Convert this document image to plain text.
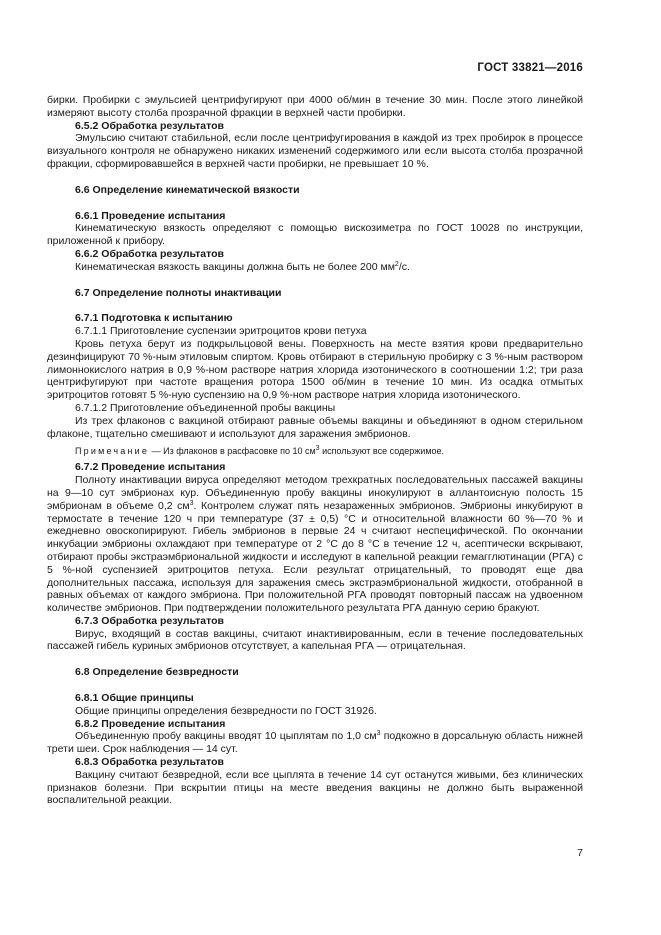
ГОСТ 33821—2016

бирки. Пробирки с эмульсией центрифугируют при 4000 об/мин в течение 30 мин. После этого линейкой измеряют высоту столба прозрачной фракции в верхней части пробирки.

6.5.2 Обработка результатов

Эмульсию считают стабильной, если после центрифугирования в каждой из трех пробирок в процессе визуального контроля не обнаружено никаких изменений содержимого или если высота столба прозрачной фракции, сформировавшейся в верхней части пробирки, не превышает 10 %.

6.6 Определение кинематической вязкости

6.6.1 Проведение испытания

Кинематическую вязкость определяют с помощью вискозиметра по ГОСТ 10028 по инструкции, приложенной к прибору.

6.6.2 Обработка результатов

Кинематическая вязкость вакцины должна быть не более 200 $мм^2/с$.

6.7 Определение полноты инактивации

6.7.1 Подготовка к испытанию

6.7.1.1 Приготовление суспензии эритроцитов крови петуха

Кровь петуха берут из подкрыльцовой вены. Поверхность на месте взятия крови предварительно дезинфицируют 70 %-ным этиловым спиртом. Кровь отбирают в стерильную пробирку с 3 %-ным раствором лимоннокислого натрия в 0,9 %-ном растворе натрия хлорида изотонического в соотношении 1:2; три раза центрифугируют при частоте вращения ротора 1500 об/мин в течение 10 мин. Из осадка отмытых эритроцитов готовят 5 %-ную суспензию на 0,9 %-ном растворе натрия хлорида изотонического.

6.7.1.2 Приготовление объединенной пробы вакцины

Из трех флаконов с вакциной отбирают равные объемы вакцины и объединяют в одном стерильном флаконе, тщательно смешивают и используют для заражения эмбрионов.

Примечание — Из флаконов в расфасовке по 10 $см^3$ используют все содержимое.

6.7.2 Проведение испытания

Полноту инактивации вируса определяют методом трехкратных последовательных пассажей вакцины на 9—10 сут эмбрионах кур. Объединенную пробу вакцины инокулируют в аллантоисную полость 15 эмбрионам в объеме 0,2 $см^3$. Контролем служат пять незараженных эмбрионов. Эмбрионы инкубируют в термостате в течение 120 ч при температуре (37 ± 0,5) °С и относительной влажности 60 %—70 % и ежедневно овоскопирируют. Гибель эмбрионов в первые 24 ч считают неспецифической. По окончании инкубации эмбрионы охлаждают при температуре от 2 °С до 8 °С в течение 12 ч, асептически вскрывают, отбирают пробы экстраэмбриональной жидкости и исследуют в капельной реакции гемагглютинации (РГА) с 5 %-ной суспензией эритроцитов петуха. Если результат отрицательный, то проводят еще два дополнительных пассажа, используя для заражения смесь экстраэмбриональной жидкости, отобранной в равных объемах от каждого эмбриона. При положительной РГА проводят повторный пассаж на удвоенном количестве эмбрионов. При подтверждении положительного результата РГА данную серию бракуют.

6.7.3 Обработка результатов

Вирус, входящий в состав вакцины, считают инактивированным, если в течение последовательных пассажей гибель куриных эмбрионов отсутствует, а капельная РГА — отрицательная.

6.8 Определение безвредности

6.8.1 Общие принципы

Общие принципы определения безвредности по ГОСТ 31926.

6.8.2 Проведение испытания

Объединенную пробу вакцины вводят 10 цыплятам по 1,0 $см^3$ подкожно в дорсальную область нижней трети шеи. Срок наблюдения — 14 сут.

6.8.3 Обработка результатов

Вакцину считают безвредной, если все цыплята в течение 14 сут останутся живыми, без клинических признаков болезни. При вскрытии птицы на месте введения вакцины не должно быть выраженной воспалительной реакции.

7
